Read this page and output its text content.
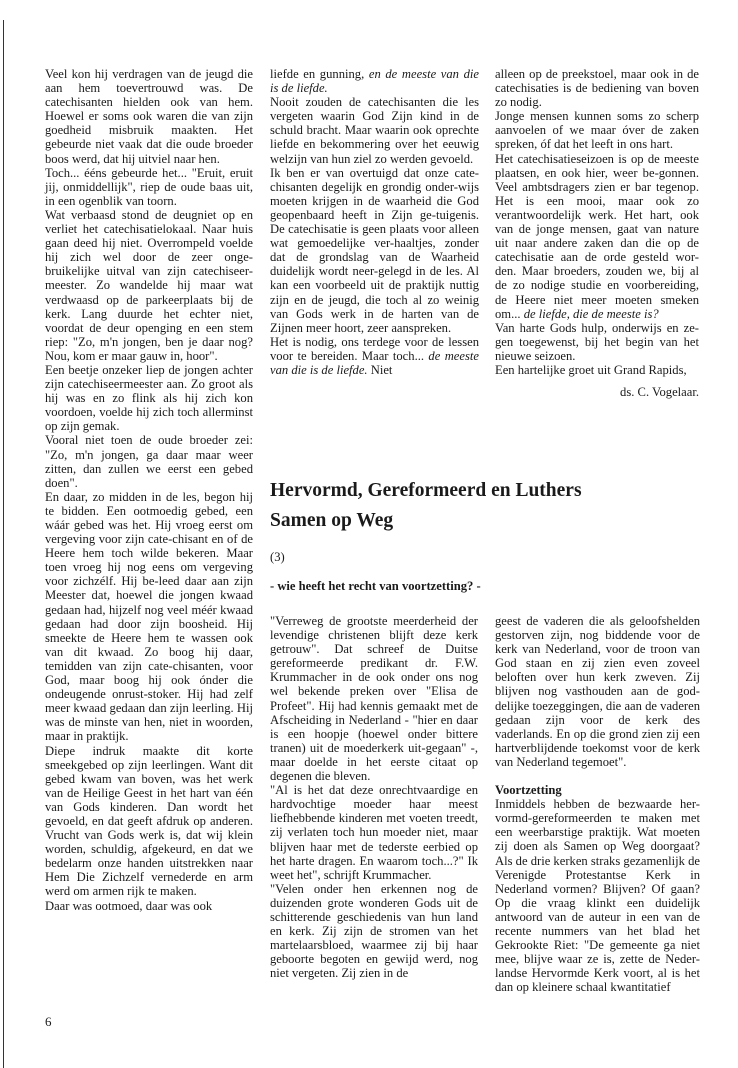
Veel kon hij verdragen van de jeugd die aan hem toevertrouwd was. De catechisanten hielden ook van hem. Hoewel er soms ook waren die van zijn goedheid misbruik maakten. Het gebeurde niet vaak dat die oude broeder boos werd, dat hij uitviel naar hen.

Toch... ééns gebeurde het... "Eruit, eruit jij, onmiddellijk", riep de oude baas uit, in een ogenblik van toorn.

Wat verbaasd stond de deugniet op en verliet het catechisatielokaal. Naar huis gaan deed hij niet. Overrompeld voelde hij zich wel door de zeer onge-bruikelijke uitval van zijn catechiseer-meester. Zo wandelde hij maar wat verdwaasd op de parkeerplaats bij de kerk. Lang duurde het echter niet, voordat de deur openging en een stem riep: "Zo, m'n jongen, ben je daar nog? Nou, kom er maar gauw in, hoor".

Een beetje onzeker liep de jongen achter zijn catechiseermeester aan. Zo groot als hij was en zo flink als hij zich kon voordoen, voelde hij zich toch allerminst op zijn gemak.

Vooral niet toen de oude broeder zei: "Zo, m'n jongen, ga daar maar weer zitten, dan zullen we eerst een gebed doen".

En daar, zo midden in de les, begon hij te bidden. Een ootmoedig gebed, een wáár gebed was het. Hij vroeg eerst om vergeving voor zijn cate-chisant en of de Heere hem toch wilde bekeren. Maar toen vroeg hij nog eens om vergeving voor zichzélf. Hij be-leed daar aan zijn Meester dat, hoewel die jongen kwaad gedaan had, hijzelf nog veel méér kwaad gedaan had door zijn boosheid. Hij smeekte de Heere hem te wassen ook van dit kwaad. Zo boog hij daar, temidden van zijn cate-chisanten, voor God, maar boog hij ook ónder die ondeugende onrust-stoker. Hij had zelf meer kwaad gedaan dan zijn leerling. Hij was de minste van hen, niet in woorden, maar in praktijk.

Diepe indruk maakte dit korte smeekgebed op zijn leerlingen. Want dit gebed kwam van boven, was het werk van de Heilige Geest in het hart van één van Gods kinderen. Dan wordt het gevoeld, en dat geeft afdruk op anderen. Vrucht van Gods werk is, dat wij klein worden, schuldig, afgekeurd, en dat we bedelarm onze handen uitstrekken naar Hem Die Zichzelf vernederde en arm werd om armen rijk te maken.

Daar was ootmoed, daar was ook

liefde en gunning, en de meeste van die is de liefde.

Nooit zouden de catechisanten die les vergeten waarin God Zijn kind in de schuld bracht. Maar waarin ook oprechte liefde en bekommering over het eeuwig welzijn van hun ziel zo werden gevoeld.

Ik ben er van overtuigd dat onze cate-chisanten degelijk en grondig onder-wijs moeten krijgen in de waarheid die God geopenbaard heeft in Zijn ge-tuigenis. De catechisatie is geen plaats voor alleen wat gemoedelijke ver-haaltjes, zonder dat de grondslag van de Waarheid duidelijk wordt neer-gelegd in de les. Al kan een voorbeeld uit de praktijk nuttig zijn en de jeugd, die toch al zo weinig van Gods werk in de harten van de Zijnen meer hoort, zeer aanspreken.

Het is nodig, ons terdege voor de lessen voor te bereiden. Maar toch... de meeste van die is de liefde. Niet

alleen op de preekstoel, maar ook in de catechisaties is de bediening van boven zo nodig.

Jonge mensen kunnen soms zo scherp aanvoelen of we maar óver de zaken spreken, óf dat het leeft in ons hart.

Het catechisatieseizoen is op de meeste plaatsen, en ook hier, weer be-gonnen. Veel ambtsdragers zien er bar tegenop. Het is een mooi, maar ook zo verantwoordelijk werk. Het hart, ook van de jonge mensen, gaat van nature uit naar andere zaken dan die op de catechisatie aan de orde gesteld wor-den. Maar broeders, zouden we, bij al de zo nodige studie en voorbereiding, de Heere niet meer moeten smeken om... de liefde, die de meeste is?

Van harte Gods hulp, onderwijs en ze-gen toegewenst, bij het begin van het nieuwe seizoen.

Een hartelijke groet uit Grand Rapids,

ds. C. Vogelaar.

Hervormd, Gereformeerd en Luthers
Samen op Weg
(3)
- wie heeft het recht van voortzetting? -

"Verreweg de grootste meerderheid der levendige christenen blijft deze kerk getrouw". Dat schreef de Duitse gereformeerde predikant dr. F.W. Krummacher in de ook onder ons nog wel bekende preken over "Elisa de Profeet". Hij had kennis gemaakt met de Afscheiding in Nederland - "hier en daar is een hoopje (hoewel onder bittere tranen) uit de moederkerk uit-gegaan" -, maar doelde in het eerste citaat op degenen die bleven.

"Al is het dat deze onrechtvaardige en hardvochtige moeder haar meest liefhebbende kinderen met voeten treedt, zij verlaten toch hun moeder niet, maar blijven haar met de tederste eerbied op het harte dragen. En waarom toch...?" Ik weet het", schrijft Krummacher.

"Velen onder hen erkennen nog de duizenden grote wonderen Gods uit de schitterende geschiedenis van hun land en kerk. Zij zijn de stromen van het martelaarsbloed, waarmee zij bij haar geboorte begoten en gewijd werd, nog niet vergeten. Zij zien in de

geest de vaderen die als geloofshelden gestorven zijn, nog biddende voor de kerk van Nederland, voor de troon van God staan en zij zien even zoveel beloften over hun kerk zweven. Zij blijven nog vasthouden aan de god-delijke toezeggingen, die aan de vaderen gedaan zijn voor de kerk des vaderlands. En op die grond zien zij een hartverblijdende toekomst voor de kerk van Nederland tegemoet".

Voortzetting

Inmiddels hebben de bezwaarde her-vormd-gereformeerden te maken met een weerbarstige praktijk. Wat moeten zij doen als Samen op Weg doorgaat? Als de drie kerken straks gezamenlijk de Verenigde Protestantse Kerk in Nederland vormen? Blijven? Of gaan? Op die vraag klinkt een duidelijk antwoord van de auteur in een van de recente nummers van het blad het Gekrookte Riet: "De gemeente ga niet mee, blijve waar ze is, zette de Neder-landse Hervormde Kerk voort, al is het dan op kleinere schaal kwantitatief

6
